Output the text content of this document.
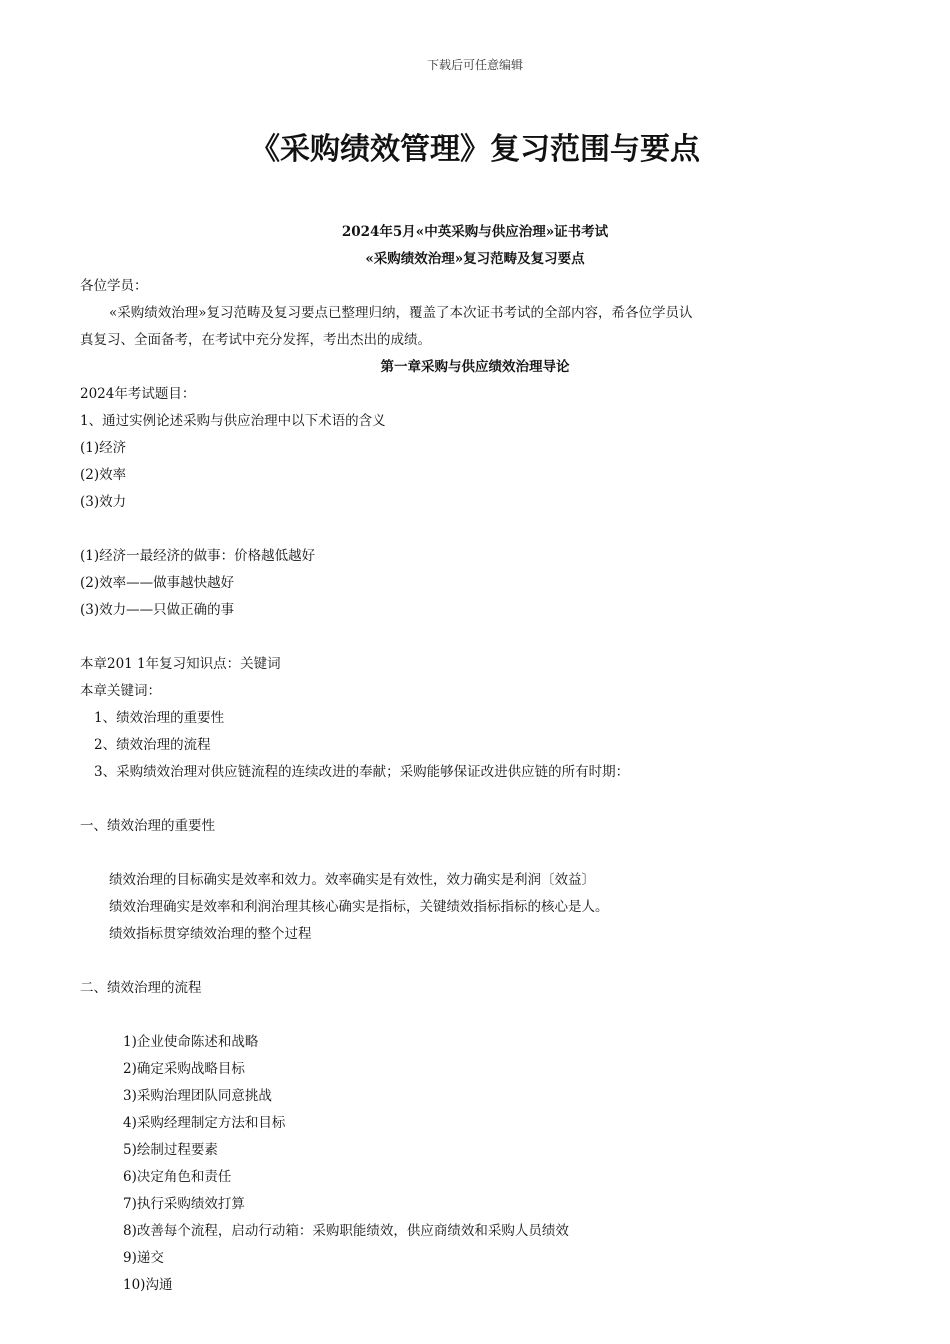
下载后可任意编辑
《采购绩效管理》复习范围与要点
2024年5月«中英采购与供应治理»证书考试
«采购绩效治理»复习范畴及复习要点
各位学员：
«采购绩效治理»复习范畴及复习要点已整理归纳，覆盖了本次证书考试的全部内容，希各位学员认
真复习、全面备考，在考试中充分发挥，考出杰出的成绩。
第一章采购与供应绩效治理导论
2024年考试题目：
1、通过实例论述采购与供应治理中以下术语的含义
(1)经济
(2)效率
(3)效力
(1)经济一最经济的做事：价格越低越好
(2)效率——做事越快越好
(3)效力——只做正确的事
本章201 1年复习知识点：关键词
本章关键词：
1、绩效治理的重要性
2、绩效治理的流程
3、采购绩效治理对供应链流程的连续改进的奉献；采购能够保证改进供应链的所有时期：
一、绩效治理的重要性
绩效治理的目标确实是效率和效力。效率确实是有效性，效力确实是利润〔效益〕
绩效治理确实是效率和利润治理其核心确实是指标，关键绩效指标指标的核心是人。
绩效指标贯穿绩效治理的整个过程
二、绩效治理的流程
1)企业使命陈述和战略
2)确定采购战略目标
3)采购治理团队同意挑战
4)采购经理制定方法和目标
5)绘制过程要素
6)决定角色和责任
7)执行采购绩效打算
8)改善每个流程，启动行动箱：采购职能绩效，供应商绩效和采购人员绩效
9)递交
10)沟通
